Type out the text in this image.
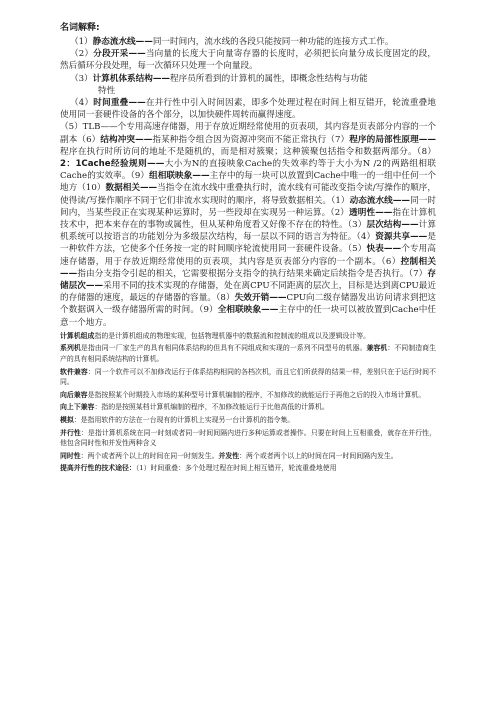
名词解释:

（1）静态流水线——同一时间内，流水线的各段只能按同一种功能的连接方式工作。

（2）分段开采——当向量的长度大于向量寄存器的长度时，必须把长向量分成长度固定的段，然后循环分段处理，每一次循环只处理一个向量段。

（3）计算机体系结构——程序员所看到的计算机的属性，即概念性结构与功能

特性

（4）时间重叠——在并行性中引入时间因素，即多个处理过程在时间上相互错开，轮流重叠地使用同一套硬件设备的各个部分，以加快硬件周转而赢得速度。

（5）TLB——个专用高速存储器，用于存放近期经常使用的页表项，其内容是页表部分内容的一个副本（6）结构冲突——指某种指令组合因为资源冲突而不能正常执行（7）程序的局部性原理——程序在执行时所访问的地址不是随机的，而是相对簇聚；这种簇聚包括指令和数据两部分。（8）2：1Cache经验规则——大小为N的直接映象Cache的失效率约等于大小为N /2的两路组相联Cache的实效率。（9）组相联映象——主存中的每一块可以放置到Cache中唯一的一组中任何一个地方（10）数据相关——当指令在流水线中重叠执行时，流水线有可能改变指令读/写操作的顺序，使得读/写操作顺序不同于它们非流水实现时的顺序，将导致数据相关。（1）动态流水线——同一时间内，当某些段正在实现某种运算时，另一些段却在实现另一种运算。（2）透明性——指在计算机技术中，把本来存在的事物或属性，但从某种角度看又好像不存在的特性。（3）层次结构——计算机系统可以按语言的功能划分为多级层次结构，每一层以不同的语言为特征。（4）资源共享——是一种软件方法，它使多个任务按一定的时间顺序轮流使用同一套硬件设备。（5）快表——个专用高速存储器，用于存放近期经常使用的页表项，其内容是页表部分内容的一个副本。（6）控制相关——指由分支指令引起的相关，它需要根据分支指令的执行结果来确定后续指令是否执行。（7）存储层次——采用不同的技术实现的存储器，处在离CPU不同距离的层次上，目标是达到离CPU最近的存储器的速度，最远的存储器的容量。（8）失效开销——CPU向二级存储器发出访问请求到把这个数据调入一级存储器所需的时间。（9）全相联映象——主存中的任一块可以被放置到Cache中任意一个地方。

计算机组成指的是计算机组成的物理实现，包括物理机器中的数据流和控制流的组成以及逻辑设计等。

系列机是指由同一厂家生产的具有相同体系结构的但具有不同组成和实现的一系列不同型号的机器。兼容机：不同制造商生产的具有相同系统结构的计算机。

软件兼容：同一个软件可以不加修改运行于体系结构相同的各档次机，而且它们所获得的结果一样，差别只在于运行时间不同。

向后兼容是指按照某个时期投入市场的某种型号计算机编制的程序，不加修改的就能运行于再他之后的投入市场计算机。

向上下兼容：指的是按照某档计算机编制的程序，不加修改能运行于比他高低的计算机。

模拟：是指用软件的方法在一台现有的计算机上实现另一台计算机的指令集。

并行性：是指计算机系统在同一时刻或者同一时间间隔内进行多种运算或者操作。只要在时间上互相重叠，就存在并行性，他包含同时性和并发性两种含义

同时性：两个或者两个以上的时间在同一时刻发生。并发性：两个或者两个以上的时间在同一时间间隔内发生。

提高并行性的技术途径：（1）时间重叠：多个处理过程在时间上相互错开，轮流重叠地使用
